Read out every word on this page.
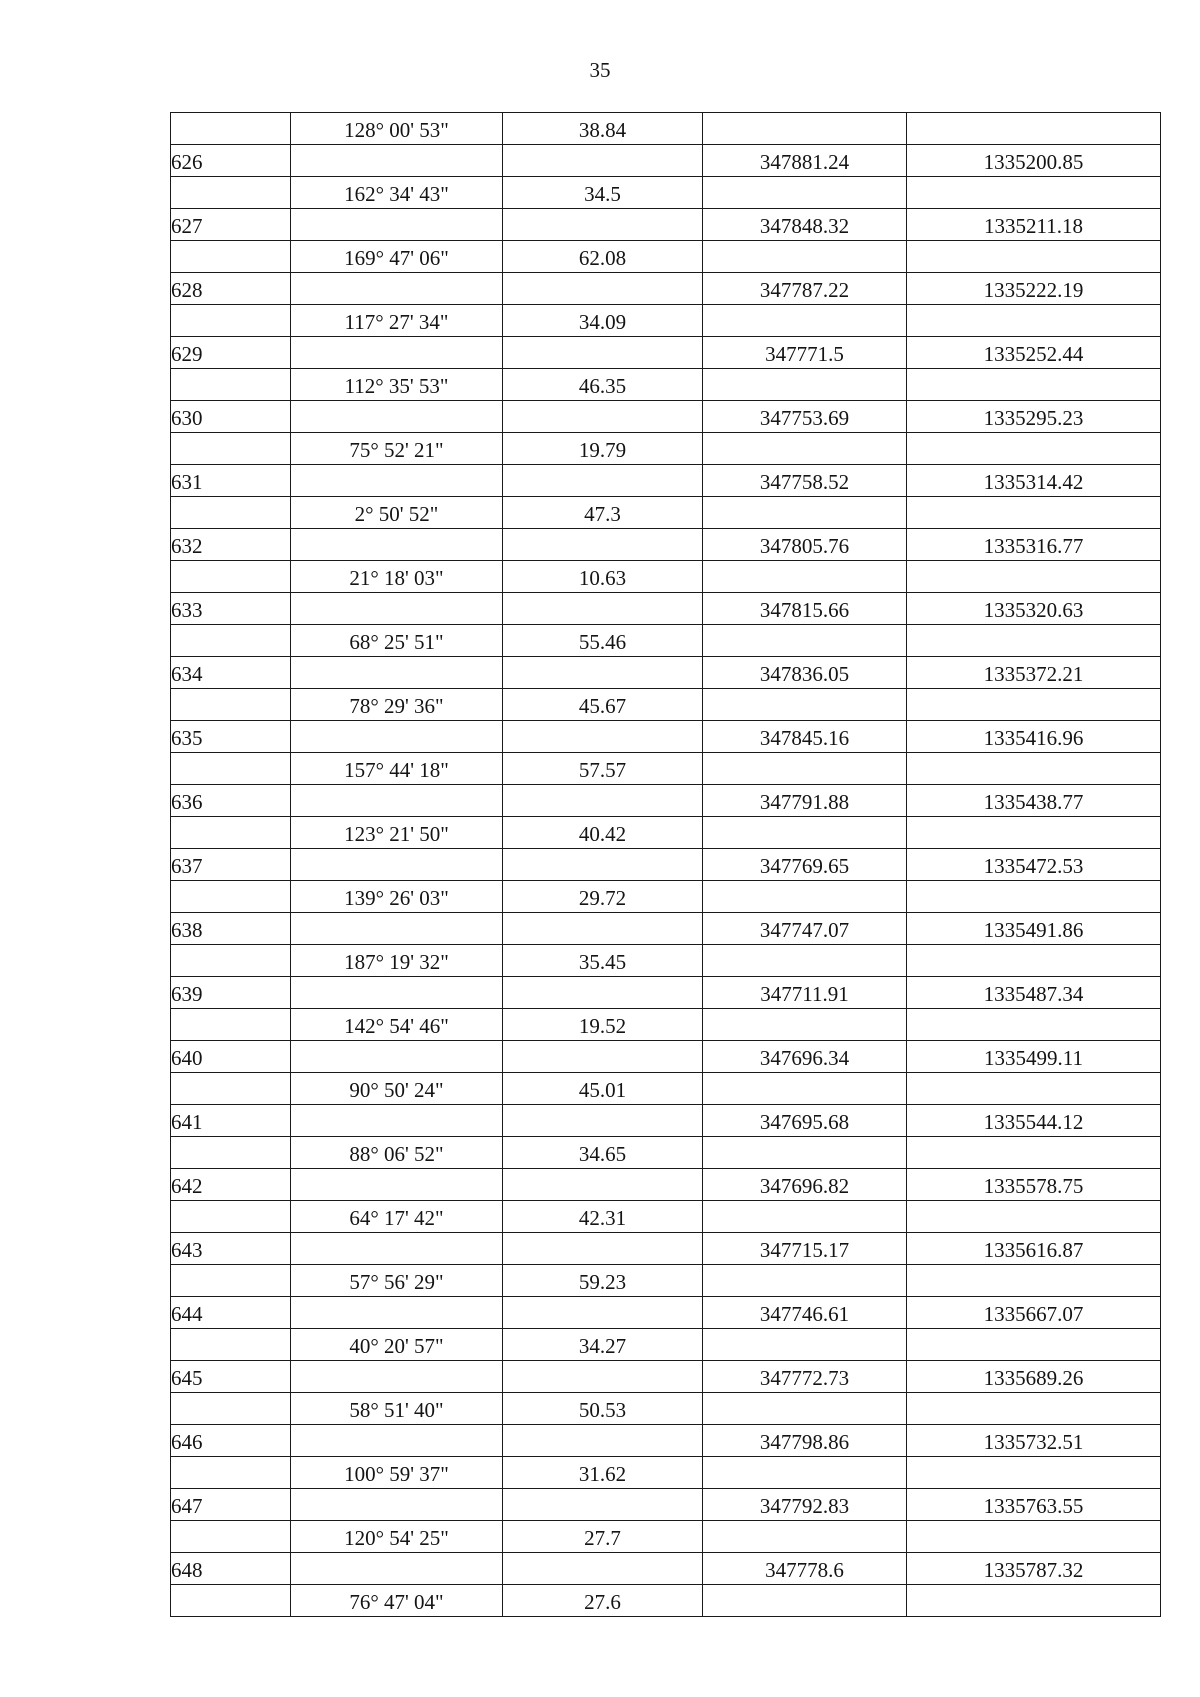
35
	128° 00' 53"	38.84		
626			347881.24	1335200.85
	162° 34' 43"	34.5		
627			347848.32	1335211.18
	169° 47' 06"	62.08		
628			347787.22	1335222.19
	117° 27' 34"	34.09		
629			347771.5	1335252.44
	112° 35' 53"	46.35		
630			347753.69	1335295.23
	75° 52' 21"	19.79		
631			347758.52	1335314.42
	2° 50' 52"	47.3		
632			347805.76	1335316.77
	21° 18' 03"	10.63		
633			347815.66	1335320.63
	68° 25' 51"	55.46		
634			347836.05	1335372.21
	78° 29' 36"	45.67		
635			347845.16	1335416.96
	157° 44' 18"	57.57		
636			347791.88	1335438.77
	123° 21' 50"	40.42		
637			347769.65	1335472.53
	139° 26' 03"	29.72		
638			347747.07	1335491.86
	187° 19' 32"	35.45		
639			347711.91	1335487.34
	142° 54' 46"	19.52		
640			347696.34	1335499.11
	90° 50' 24"	45.01		
641			347695.68	1335544.12
	88° 06' 52"	34.65		
642			347696.82	1335578.75
	64° 17' 42"	42.31		
643			347715.17	1335616.87
	57° 56' 29"	59.23		
644			347746.61	1335667.07
	40° 20' 57"	34.27		
645			347772.73	1335689.26
	58° 51' 40"	50.53		
646			347798.86	1335732.51
	100° 59' 37"	31.62		
647			347792.83	1335763.55
	120° 54' 25"	27.7		
648			347778.6	1335787.32
	76° 47' 04"	27.6		
